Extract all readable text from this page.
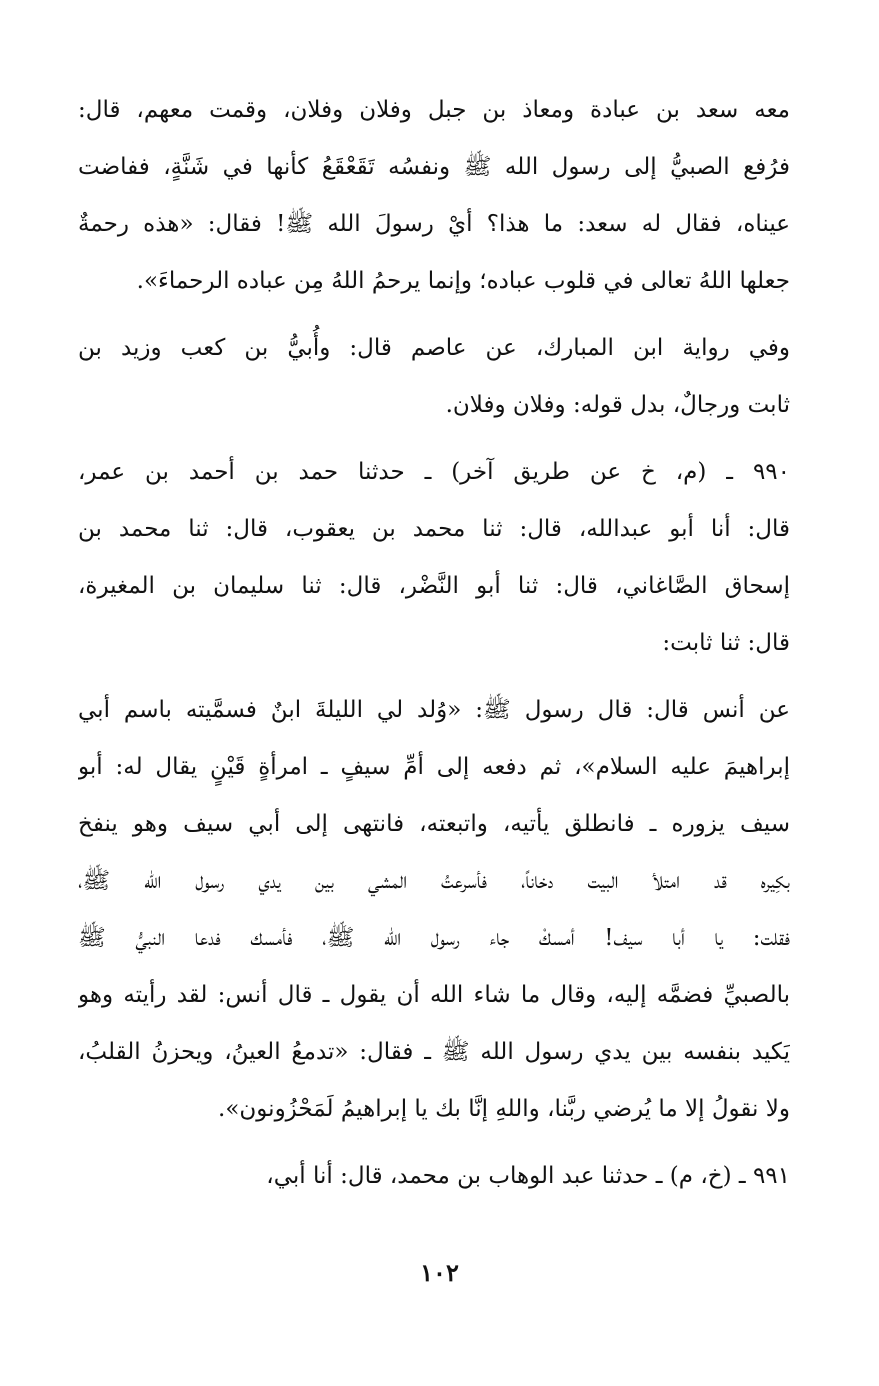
معه سعد بن عبادة ومعاذ بن جبل وفلان وفلان، وقمت معهم، قال:
فرُفع الصبيُّ إلى رسول الله ﷺ ونفسُه تَقَعْقَعُ كأنها في شَنَّةٍ، ففاضت
عيناه، فقال له سعد: ما هذا؟ أيْ رسولَ الله ﷺ! فقال: «هذه رحمةٌ
جعلها اللهُ تعالى في قلوب عباده؛ وإنما يرحمُ اللهُ مِن عباده الرحماءَ».
وفي رواية ابن المبارك، عن عاصم قال: وأُبيُّ بن كعب وزيد بن
ثابت ورجالٌ، بدل قوله: وفلان وفلان.
٩٩٠ ـ (م، خ عن طريق آخر) ـ حدثنا حمد بن أحمد بن عمر،
قال: أنا أبو عبدالله، قال: ثنا محمد بن يعقوب، قال: ثنا محمد بن
إسحاق الصَّاغاني، قال: ثنا أبو النَّضْر، قال: ثنا سليمان بن المغيرة،
قال: ثنا ثابت:
عن أنس قال: قال رسول ﷺ: «وُلد لي الليلةَ ابنٌ فسمَّيته باسم أبي
إبراهيمَ عليه السلام»، ثم دفعه إلى أمِّ سيفٍ ـ امرأةٍ قَيْنٍ يقال له: أبو
سيف يزوره ـ فانطلق يأتيه، واتبعته، فانتهى إلى أبي سيف وهو ينفخ
بكِيره قد امتلأ البيت دخاناً، فأسرعتُ المشي بين يدي رسول الله ﷺ،
فقلت: يا أبا سيف! أمسكْ جاء رسول الله ﷺ، فأمسك فدعا النبيُّ ﷺ
بالصبيِّ فضمَّه إليه، وقال ما شاء الله أن يقول ـ قال أنس: لقد رأيته وهو
يَكيد بنفسه بين يدي رسول الله ﷺ ـ فقال: «تدمعُ العينُ، ويحزنُ القلبُ،
ولا نقولُ إلا ما يُرضي ربَّنا، واللهِ إنَّا بك يا إبراهيمُ لَمَحْزُونون».
٩٩١ ـ (خ، م) ـ حدثنا عبد الوهاب بن محمد، قال: أنا أبي،
١٠٢
